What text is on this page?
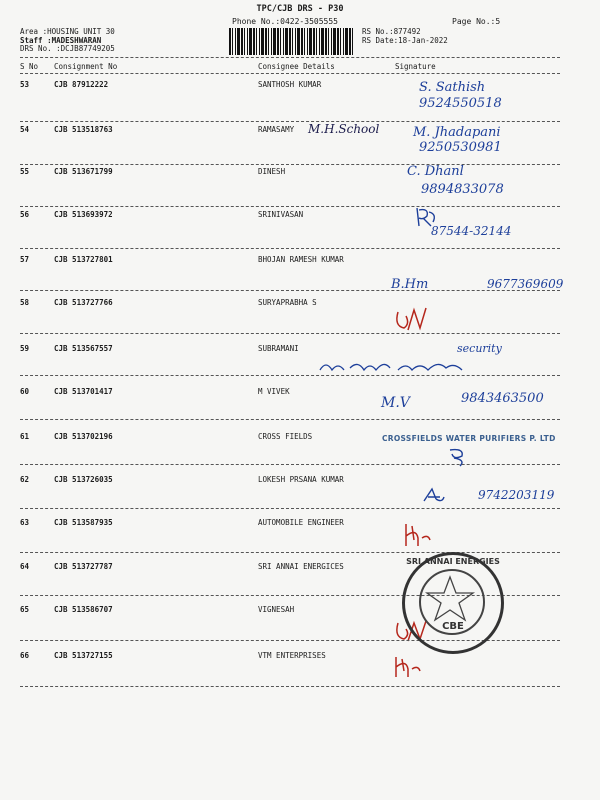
TPC/CJB DRS - P30
Phone No.:0422-3505555	Page No.:5
Area :HOUSING UNIT 30
Staff :MADESHWARAN
DRS No. :DCJB87749205
RS No.:877492
RS Date:18-Jan-2022
S No Consignment No	Consignee Details	Signature
53	CJB 87912222	SANTHOSH KUMAR	S. Sathish
9524550518
54	CJB 513518763	RAMASAMY M.H.School	M. Jhadapani
9250530981
55	CJB 513671799	DINESH	C. Dhanl
9894833078
56	CJB 513693972	SRINIVASAN
87544-32144
57	CJB 513727801	BHOJAN RAMESH KUMAR
B.Hm	9677369609
58	CJB 513727766	SURYAPRABHA S
59	CJB 513567557	SUBRAMANI	security
60	CJB 513701417	M VIVEK
M.V	9843463500
61	CJB 513702196	CROSS FIELDS	CROSSFIELDS WATER PURIFIERS P. LTD
62	CJB 513726035	LOKESH PRSANA KUMAR
9742203119
63	CJB 513587935	AUTOMOBILE ENGINEER
64	CJB 513727787	SRI ANNAI ENERGICES
65	CJB 513586707	VIGNESAH
66	CJB 513727155	VTM ENTERPRISES
SRI ANNAI ENERGIES
CBE
